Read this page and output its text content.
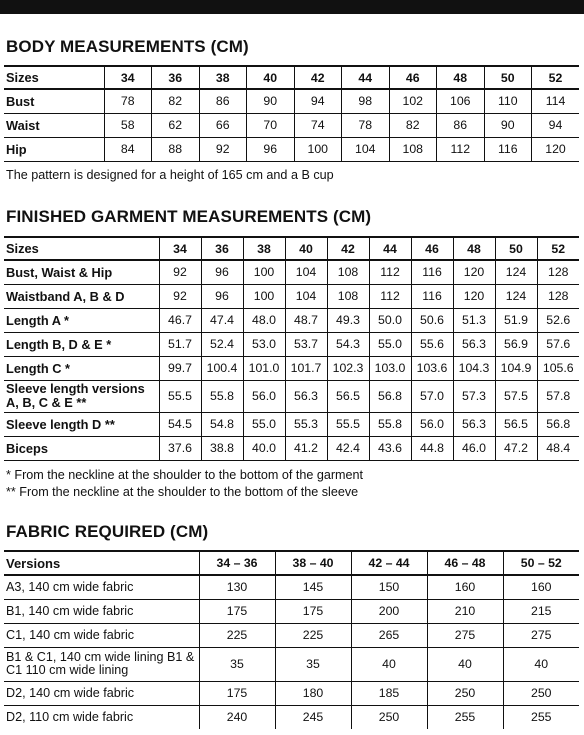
BODY MEASUREMENTS (CM)
Sizes	34	36	38	40	42	44	46	48	50	52
Bust	78	82	86	90	94	98	102	106	110	114
Waist	58	62	66	70	74	78	82	86	90	94
Hip	84	88	92	96	100	104	108	112	116	120

The pattern is designed for a height of 165 cm and a B cup

FINISHED GARMENT MEASUREMENTS (CM)
Sizes	34	36	38	40	42	44	46	48	50	52
Bust, Waist & Hip	92	96	100	104	108	112	116	120	124	128
Waistband A, B & D	92	96	100	104	108	112	116	120	124	128
Length A *	46.7	47.4	48.0	48.7	49.3	50.0	50.6	51.3	51.9	52.6
Length B, D & E *	51.7	52.4	53.0	53.7	54.3	55.0	55.6	56.3	56.9	57.6
Length C *	99.7	100.4	101.0	101.7	102.3	103.0	103.6	104.3	104.9	105.6
Sleeve length versions A, B, C & E **	55.5	55.8	56.0	56.3	56.5	56.8	57.0	57.3	57.5	57.8
Sleeve length D **	54.5	54.8	55.0	55.3	55.5	55.8	56.0	56.3	56.5	56.8
Biceps	37.6	38.8	40.0	41.2	42.4	43.6	44.8	46.0	47.2	48.4

* From the neckline at the shoulder to the bottom of the garment

** From the neckline at the shoulder to the bottom of the sleeve

FABRIC REQUIRED (CM)
Versions	34 – 36	38 – 40	42 – 44	46 – 48	50 – 52
A3, 140 cm wide fabric	130	145	150	160	160
B1, 140 cm wide fabric	175	175	200	210	215
C1, 140 cm wide fabric	225	225	265	275	275
B1 & C1, 140 cm wide lining B1 & C1 110 cm wide lining	35	35	40	40	40
D2, 140 cm wide fabric	175	180	185	250	250
D2, 110 cm wide fabric	240	245	250	255	255
